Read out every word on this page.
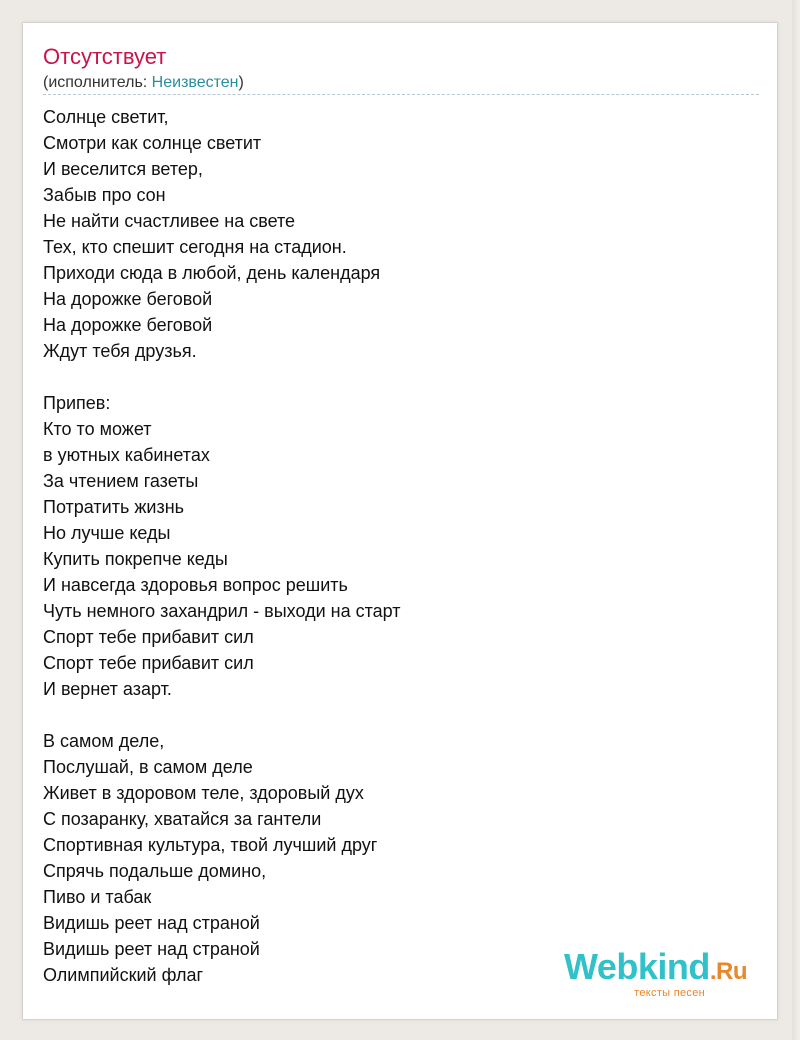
Отсутствует
(исполнитель: Неизвестен)
Солнце светит,
Смотри как солнце светит
И веселится ветер,
Забыв про сон
Не найти счастливее на свете
Тех, кто спешит сегодня на стадион.
Приходи сюда в любой, день календаря
На дорожке беговой
На дорожке беговой
Ждут тебя друзья.
Припев:
Кто то может
в уютных кабинетах
За чтением газеты
Потратить жизнь
Но лучше кеды
Купить покрепче кеды
И навсегда здоровья вопрос решить
Чуть немного захандрил - выходи на старт
Спорт тебе прибавит сил
Спорт тебе прибавит сил
И вернет азарт.
В самом деле,
Послушай, в самом деле
Живет в здоровом теле, здоровый дух
С позаранку, хватайся за гантели
Спортивная культура, твой лучший друг
Спрячь подальше домино,
Пиво и табак
Видишь реет над страной
Видишь реет над страной
Олимпийский флаг	Webkind.Ru
тексты песен
